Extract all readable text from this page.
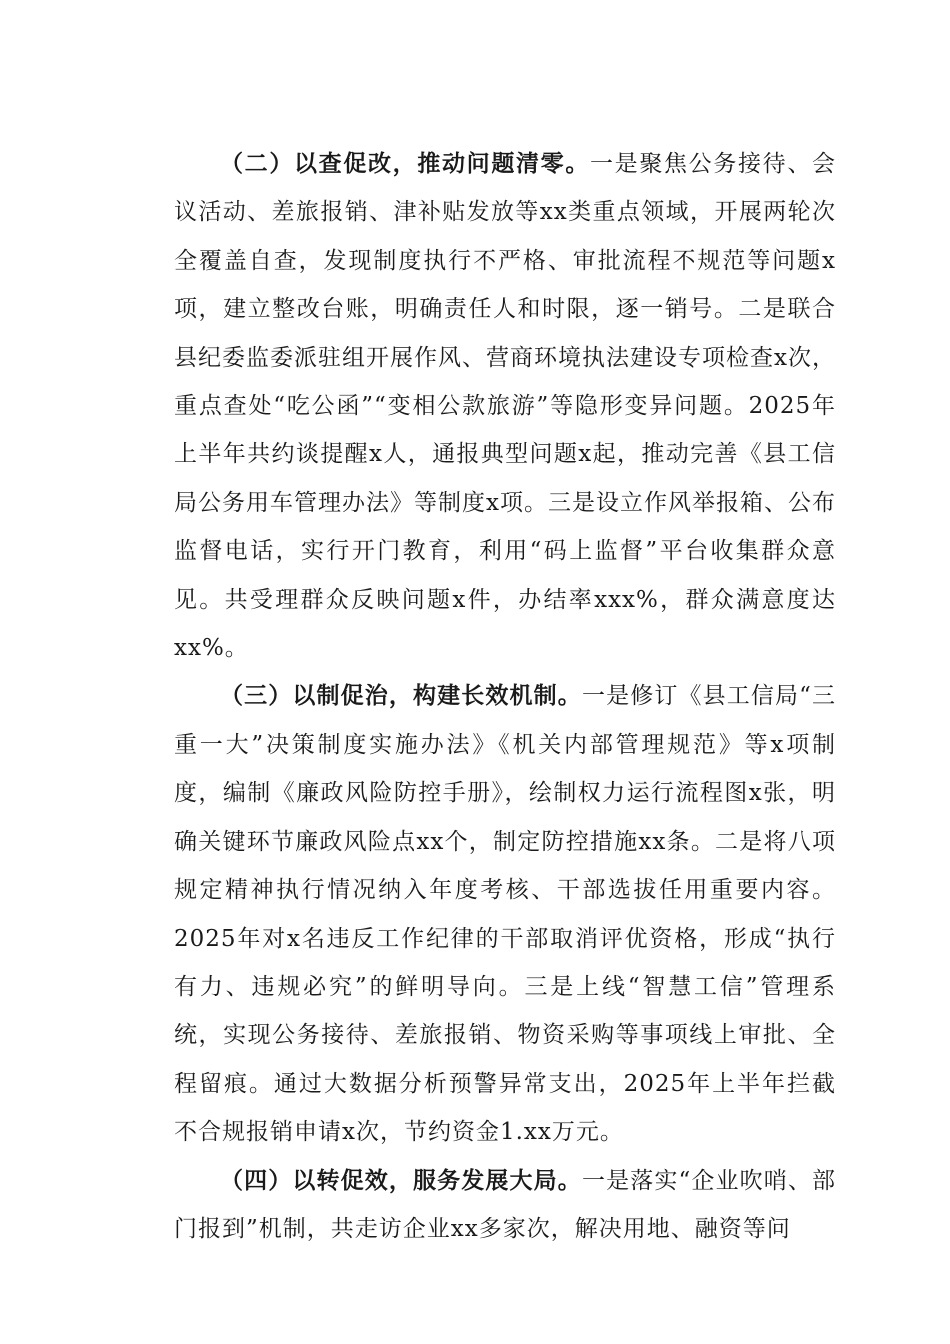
（二）以查促改，推动问题清零。一是聚焦公务接待、会议活动、差旅报销、津补贴发放等xx类重点领域，开展两轮次全覆盖自查，发现制度执行不严格、审批流程不规范等问题x项，建立整改台账，明确责任人和时限，逐一销号。二是联合县纪委监委派驻组开展作风、营商环境执法建设专项检查x次，重点查处“吃公函”“变相公款旅游”等隐形变异问题。2025年上半年共约谈提醒x人，通报典型问题x起，推动完善《县工信局公务用车管理办法》等制度x项。三是设立作风举报箱、公布监督电话，实行开门教育，利用“码上监督”平台收集群众意见。共受理群众反映问题x件，办结率xxx%，群众满意度达xx%。

（三）以制促治，构建长效机制。一是修订《县工信局“三重一大”决策制度实施办法》《机关内部管理规范》等x项制度，编制《廉政风险防控手册》，绘制权力运行流程图x张，明确关键环节廉政风险点xx个，制定防控措施xx条。二是将八项规定精神执行情况纳入年度考核、干部选拔任用重要内容。2025年对x名违反工作纪律的干部取消评优资格，形成“执行有力、违规必究”的鲜明导向。三是上线“智慧工信”管理系统，实现公务接待、差旅报销、物资采购等事项线上审批、全程留痕。通过大数据分析预警异常支出，2025年上半年拦截不合规报销申请x次，节约资金1.xx万元。

（四）以转促效，服务发展大局。一是落实“企业吹哨、部门报到”机制，共走访企业xx多家次，解决用地、融资等问
